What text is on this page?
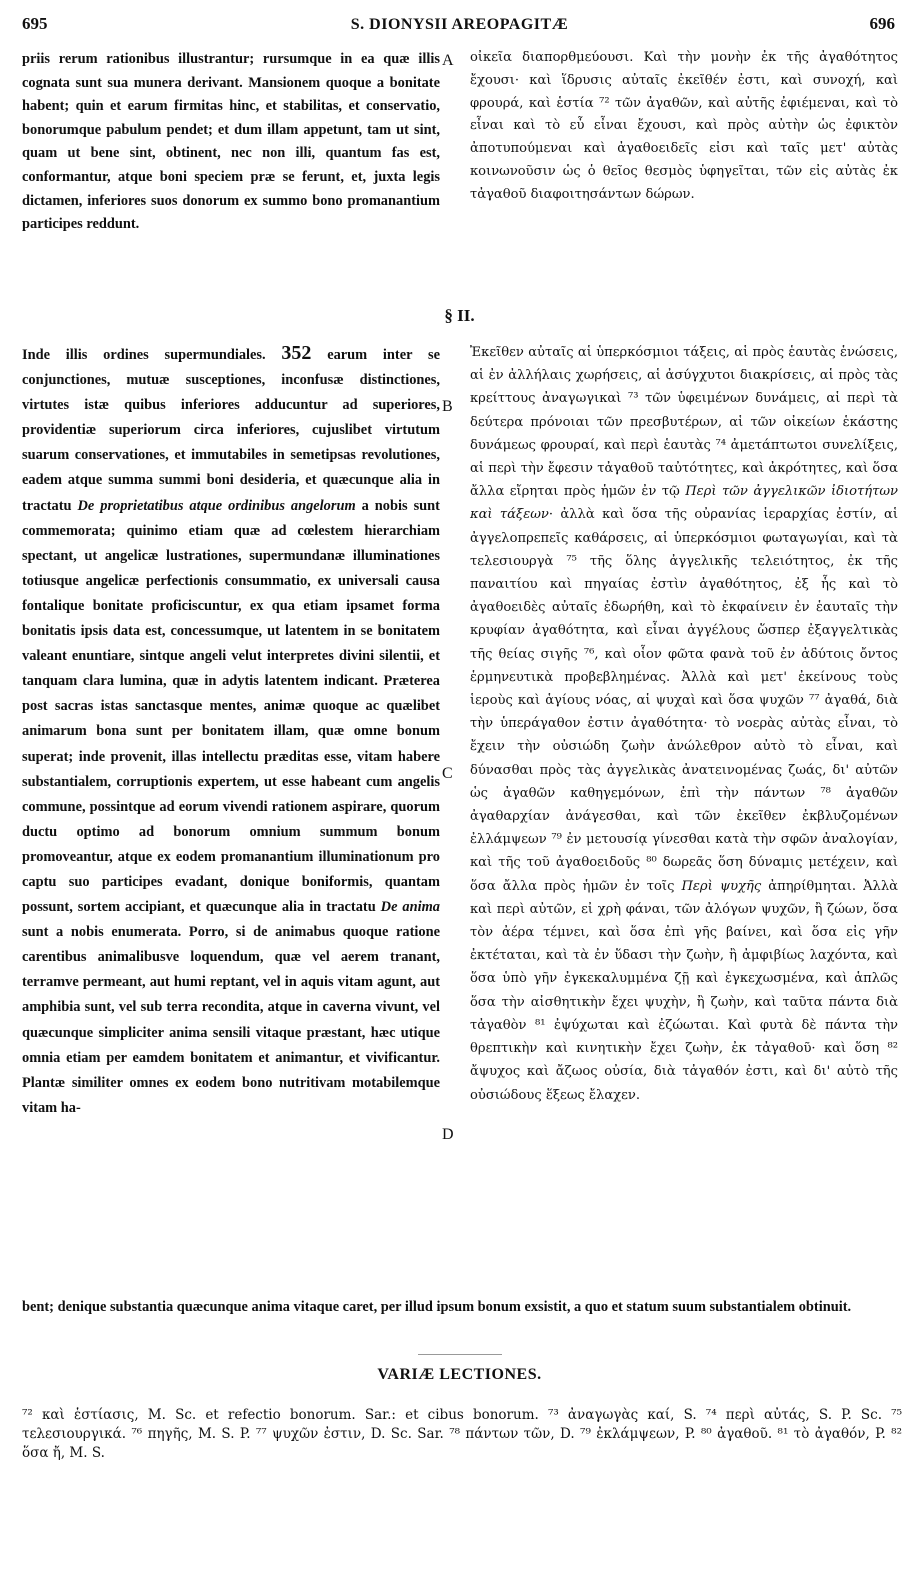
695	S. DIONYSII AREOPAGITÆ	696

priis rerum rationibus illustrantur; rursumque in ea quæ illis cognata sunt sua munera derivant. Mansionem quoque a bonitate habent; quin et earum firmitas hinc, et stabilitas, et conservatio, bonorumque pabulum pendet; et dum illam appetunt, tam ut sint, quam ut bene sint, obtinent, nec non illi, quantum fas est, conformantur, atque boni speciem præ se ferunt, et, juxta legis dictamen, inferiores suos donorum ex summo bono promanantium participes reddunt.

οἰκεῖα διαπορθμεύουσι. Καὶ τὴν μονὴν ἐκ τῆς ἀγαθότητος ἔχουσι· καὶ ἵδρυσις αὐταῖς ἐκεῖθέν ἐστι, καὶ συνοχή, καὶ φρουρά, καὶ ἑστία ⁷² τῶν ἀγαθῶν, καὶ αὐτῆς ἐφιέμεναι, καὶ τὸ εἶναι καὶ τὸ εὖ εἶναι ἔχουσι, καὶ πρὸς αὐτὴν ὡς ἐφικτὸν ἀποτυπούμεναι καὶ ἀγαθοειδεῖς εἰσι καὶ ταῖς μετ' αὐτὰς κοινωνοῦσιν ὡς ὁ θεῖος θεσμὸς ὑφηγεῖται, τῶν εἰς αὐτὰς ἐκ τἀγαθοῦ διαφοιτησάντων δώρων.

A
§ II.

Inde illis ordines supermundiales. 352 earum inter se conjunctiones, mutuæ susceptiones, inconfusæ distinctiones, virtutes istæ quibus inferiores adducuntur ad superiores, providentiæ superiorum circa inferiores, cujuslibet virtutum suarum conservationes, et immutabiles in semetipsas revolutiones, eadem atque summa summi boni desideria, et quæcunque alia in tractatu De proprietatibus atque ordinibus angelorum a nobis sunt commemorata; quinimo etiam quæ ad cœlestem hierarchiam spectant, ut angelicæ lustrationes, supermundanæ illuminationes totiusque angelicæ perfectionis consummatio, ex universali causa fontalique bonitate proficiscuntur, ex qua etiam ipsamet forma bonitatis ipsis data est, concessumque, ut latentem in se bonitatem valeant enuntiare, sintque angeli velut interpretes divini silentii, et tanquam clara lumina, quæ in adytis latentem indicant. Præterea post sacras istas sanctasque mentes, animæ quoque ac quælibet animarum bona sunt per bonitatem illam, quæ omne bonum superat; inde provenit, illas intellectu præditas esse, vitam habere substantialem, corruptionis expertem, ut esse habeant cum angelis commune, possintque ad eorum vivendi rationem aspirare, quorum ductu optimo ad bonorum omnium summum bonum promoveantur, atque ex eodem promanantium illuminationum pro captu suo participes evadant, donique boniformis, quantam possunt, sortem accipiant, et quæcunque alia in tractatu De anima sunt a nobis enumerata. Porro, si de animabus quoque ratione carentibus animalibusve loquendum, quæ vel aerem tranant, terramve permeant, aut humi reptant, vel in aquis vitam agunt, aut amphibia sunt, vel sub terra recondita, atque in caverna vivunt, vel quæcunque simpliciter anima sensili vitaque præstant, hæc utique omnia etiam per eamdem bonitatem et animantur, et vivificantur. Plantæ similiter omnes ex eodem bono nutritivam motabilemque vitam ha-

B
C
D

Ἐκεῖθεν αὐταῖς αἱ ὑπερκόσμιοι τάξεις, αἱ πρὸς ἑαυτὰς ἑνώσεις, αἱ ἐν ἀλλήλαις χωρήσεις, αἱ ἀσύγχυτοι διακρίσεις, αἱ πρὸς τὰς κρείττους ἀναγωγικαὶ ⁷³ τῶν ὑφειμένων δυνάμεις, αἱ περὶ τὰ δεύτερα πρόνοιαι τῶν πρεσβυτέρων, αἱ τῶν οἰκείων ἑκάστης δυνάμεως φρουραί, καὶ περὶ ἑαυτὰς ⁷⁴ ἀμετάπτωτοι συνελίξεις, αἱ περὶ τὴν ἔφεσιν τἀγαθοῦ ταὐτότητες, καὶ ἀκρότητες, καὶ ὅσα ἄλλα εἴρηται πρὸς ἡμῶν ἐν τῷ Περὶ τῶν ἀγγελικῶν ἰδιοτήτων καὶ τάξεων· ἀλλὰ καὶ ὅσα τῆς οὐρανίας ἱεραρχίας ἐστίν, αἱ ἀγγελοπρεπεῖς καθάρσεις, αἱ ὑπερκόσμιοι φωταγωγίαι, καὶ τὰ τελεσιουργὰ ⁷⁵ τῆς ὅλης ἀγγελικῆς τελειότητος, ἐκ τῆς παναιτίου καὶ πηγαίας ἐστὶν ἀγαθότητος, ἐξ ἧς καὶ τὸ ἀγαθοειδὲς αὐταῖς ἐδωρήθη, καὶ τὸ ἐκφαίνειν ἐν ἑαυταῖς τὴν κρυφίαν ἀγαθότητα, καὶ εἶναι ἀγγέλους ὥσπερ ἐξαγγελτικὰς τῆς θείας σιγῆς ⁷⁶, καὶ οἷον φῶτα φανὰ τοῦ ἐν ἀδύτοις ὄντος ἑρμηνευτικὰ προβεβλημένας. Ἀλλὰ καὶ μετ' ἐκείνους τοὺς ἱεροὺς καὶ ἁγίους νόας, αἱ ψυχαὶ καὶ ὅσα ψυχῶν ⁷⁷ ἀγαθά, διὰ τὴν ὑπεράγαθον ἐστιν ἀγαθότητα· τὸ νοερὰς αὐτὰς εἶναι, τὸ ἔχειν τὴν οὐσιώδη ζωὴν ἀνώλεθρον αὐτὸ τὸ εἶναι, καὶ δύνασθαι πρὸς τὰς ἀγγελικὰς ἀνατεινομένας ζωάς, δι' αὐτῶν ὡς ἀγαθῶν καθηγεμόνων, ἐπὶ τὴν πάντων ⁷⁸ ἀγαθῶν ἀγαθαρχίαν ἀνάγεσθαι, καὶ τῶν ἐκεῖθεν ἐκβλυζομένων ἐλλάμψεων ⁷⁹ ἐν μετουσίᾳ γίνεσθαι κατὰ τὴν σφῶν ἀναλογίαν, καὶ τῆς τοῦ ἀγαθοειδοῦς ⁸⁰ δωρεᾶς ὅση δύναμις μετέχειν, καὶ ὅσα ἄλλα πρὸς ἡμῶν ἐν τοῖς Περὶ ψυχῆς ἀπηρίθμηται. Ἀλλὰ καὶ περὶ αὐτῶν, εἰ χρὴ φάναι, τῶν ἀλόγων ψυχῶν, ἢ ζώων, ὅσα τὸν ἀέρα τέμνει, καὶ ὅσα ἐπὶ γῆς βαίνει, καὶ ὅσα εἰς γῆν ἐκτέταται, καὶ τὰ ἐν ὕδασι τὴν ζωὴν, ἢ ἀμφιβίως λαχόντα, καὶ ὅσα ὑπὸ γῆν ἐγκεκαλυμμένα ζῇ καὶ ἐγκεχωσμένα, καὶ ἁπλῶς ὅσα τὴν αἰσθητικὴν ἔχει ψυχὴν, ἢ ζωὴν, καὶ ταῦτα πάντα διὰ τἀγαθὸν ⁸¹ ἐψύχωται καὶ ἐζώωται. Καὶ φυτὰ δὲ πάντα τὴν θρεπτικὴν καὶ κινητικὴν ἔχει ζωὴν, ἐκ τἀγαθοῦ· καὶ ὅση ⁸² ἄψυχος καὶ ἄζωος οὐσία, διὰ τἀγαθόν ἐστι, καὶ δι' αὐτὸ τῆς οὐσιώδους ἕξεως ἔλαχεν.

bent; denique substantia quæcunque anima vitaque caret, per illud ipsum bonum exsistit, a quo et statum suum substantialem obtinuit.

VARIÆ LECTIONES.
⁷² καὶ ἑστίασις, M. Sc. et refectio bonorum. Sar.: et cibus bonorum. ⁷³ ἀναγωγὰς καί, S. ⁷⁴ περὶ αὐτάς, S. P. Sc. ⁷⁵ τελεσιουργικά. ⁷⁶ πηγῆς, M. S. P. ⁷⁷ ψυχῶν ἐστιν, D. Sc. Sar. ⁷⁸ πάντων τῶν, D. ⁷⁹ ἐκλάμψεων, P. ⁸⁰ ἀγαθοῦ. ⁸¹ τὸ ἀγαθόν, P. ⁸² ὅσα ἤ, M. S.
